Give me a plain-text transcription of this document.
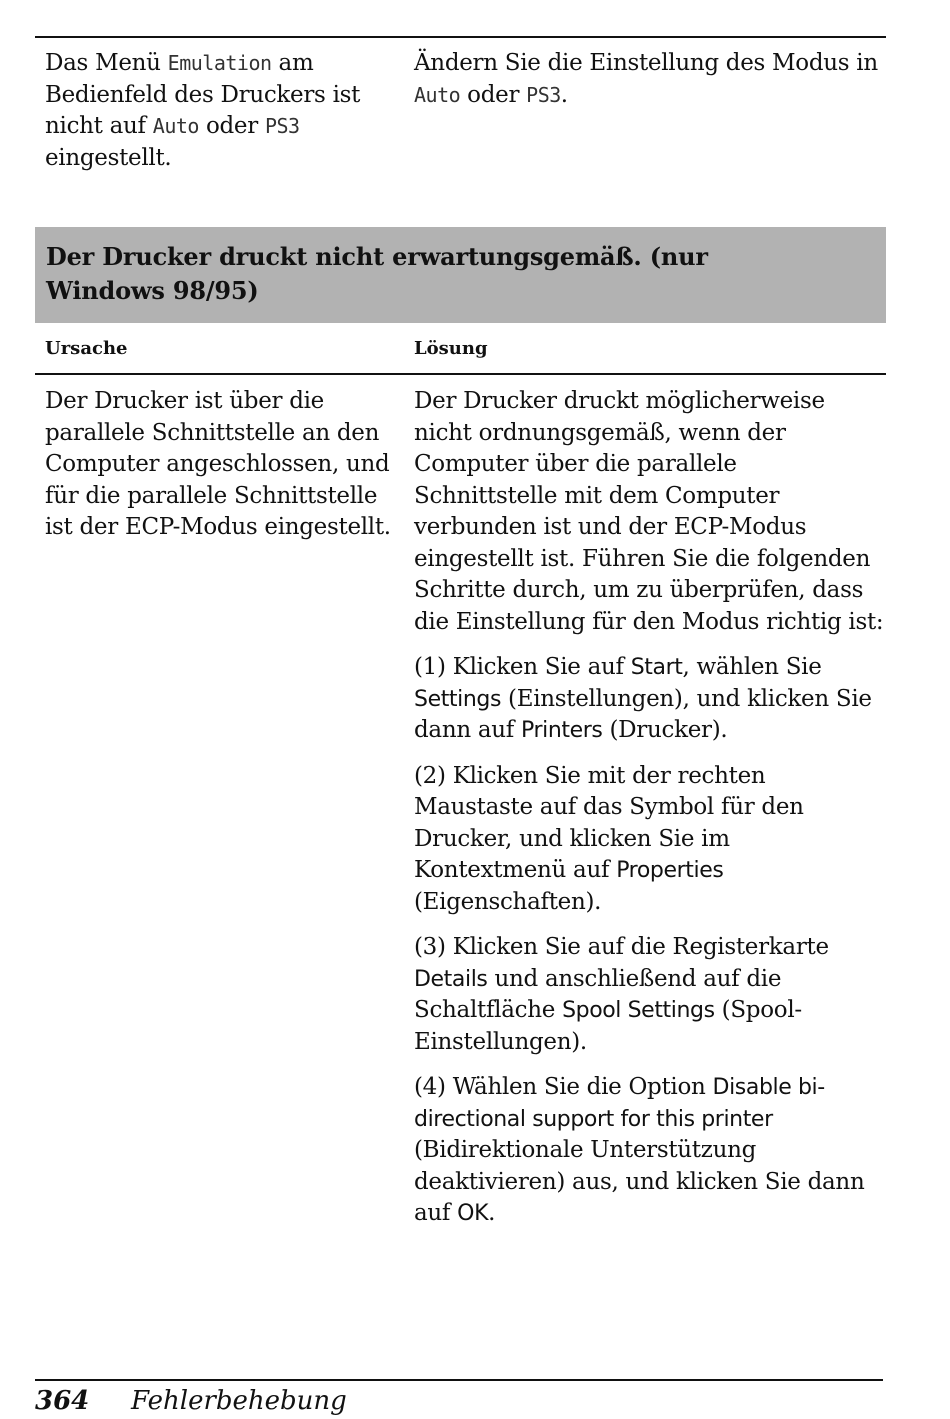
Das Menü Emulation am Bedienfeld des Druckers ist nicht auf Auto oder PS3 eingestellt.
Ändern Sie die Einstellung des Modus in Auto oder PS3.
Der Drucker druckt nicht erwartungsgemäß. (nur Windows 98/95)
Ursache	Lösung
Der Drucker ist über die parallele Schnittstelle an den Computer angeschlossen, und für die parallele Schnittstelle ist der ECP-Modus eingestellt.

Der Drucker druckt möglicherweise nicht ordnungsgemäß, wenn der Computer über die parallele Schnittstelle mit dem Computer verbunden ist und der ECP-Modus eingestellt ist. Führen Sie die folgenden Schritte durch, um zu überprüfen, dass die Einstellung für den Modus richtig ist:

(1) Klicken Sie auf Start, wählen Sie Settings (Einstellungen), und klicken Sie dann auf Printers (Drucker).

(2) Klicken Sie mit der rechten Maustaste auf das Symbol für den Drucker, und klicken Sie im Kontextmenü auf Properties (Eigenschaften).

(3) Klicken Sie auf die Registerkarte Details und anschließend auf die Schaltfläche Spool Settings (Spool-Einstellungen).

(4) Wählen Sie die Option Disable bi-directional support for this printer (Bidirektionale Unterstützung deaktivieren) aus, und klicken Sie dann auf OK.

364 Fehlerbehebung
